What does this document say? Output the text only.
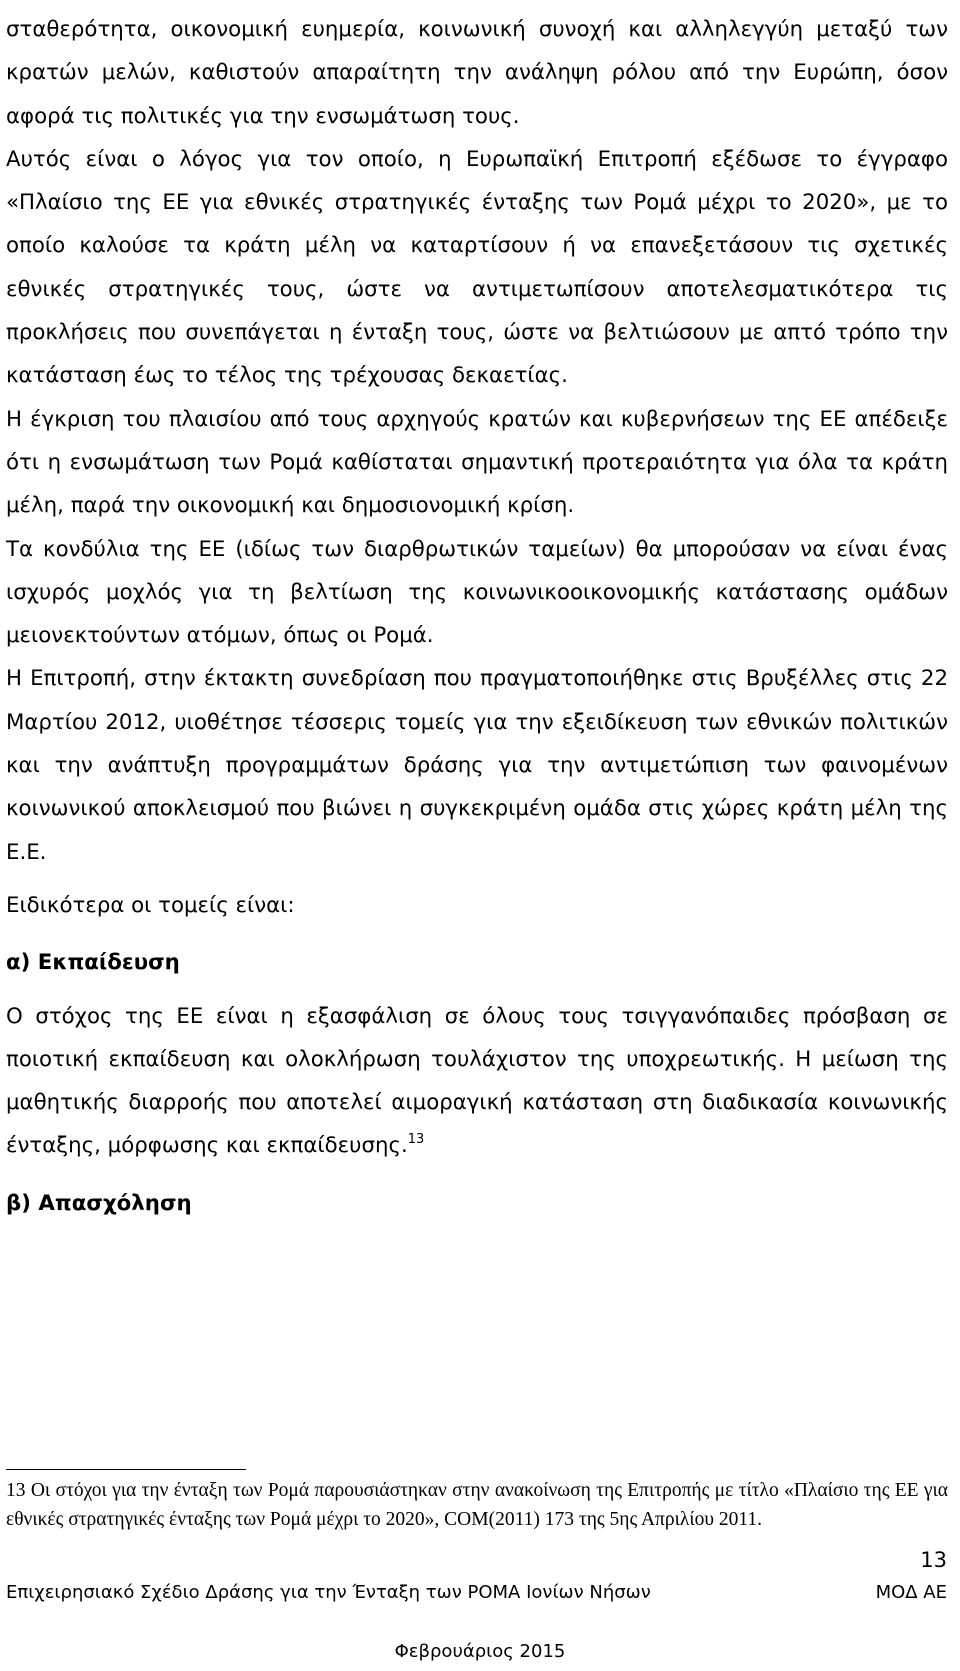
σταθερότητα, οικονομική ευημερία, κοινωνική συνοχή και αλληλεγγύη μεταξύ των κρατών μελών, καθιστούν απαραίτητη την ανάληψη ρόλου από την Ευρώπη, όσον αφορά τις πολιτικές για την ενσωμάτωση τους.

Αυτός είναι ο λόγος για τον οποίο, η Ευρωπαϊκή Επιτροπή εξέδωσε το έγγραφο «Πλαίσιο της ΕΕ για εθνικές στρατηγικές ένταξης των Ρομά μέχρι το 2020», με το οποίο καλούσε τα κράτη μέλη να καταρτίσουν ή να επανεξετάσουν τις σχετικές εθνικές στρατηγικές τους, ώστε να αντιμετωπίσουν αποτελεσματικότερα τις προκλήσεις που συνεπάγεται η ένταξη τους, ώστε να βελτιώσουν με απτό τρόπο την κατάσταση έως το τέλος της τρέχουσας δεκαετίας.

Η έγκριση του πλαισίου από τους αρχηγούς κρατών και κυβερνήσεων της ΕΕ απέδειξε ότι η ενσωμάτωση των Ρομά καθίσταται σημαντική προτεραιότητα για όλα τα κράτη μέλη, παρά την οικονομική και δημοσιονομική κρίση.

Τα κονδύλια της ΕΕ (ιδίως των διαρθρωτικών ταμείων) θα μπορούσαν να είναι ένας ισχυρός μοχλός για τη βελτίωση της κοινωνικοοικονομικής κατάστασης ομάδων μειονεκτούντων ατόμων, όπως οι Ρομά.

Η Επιτροπή, στην έκτακτη συνεδρίαση που πραγματοποιήθηκε στις Βρυξέλλες στις 22 Μαρτίου 2012, υιοθέτησε τέσσερις τομείς για την εξειδίκευση των εθνικών πολιτικών και την ανάπτυξη προγραμμάτων δράσης για την αντιμετώπιση των φαινομένων κοινωνικού αποκλεισμού που βιώνει η συγκεκριμένη ομάδα στις χώρες κράτη μέλη της Ε.Ε.

Ειδικότερα οι τομείς είναι:

α) Εκπαίδευση

Ο στόχος της ΕΕ είναι η εξασφάλιση σε όλους τους τσιγγανόπαιδες πρόσβαση σε ποιοτική εκπαίδευση και ολοκλήρωση τουλάχιστον της υποχρεωτικής. Η μείωση της μαθητικής διαρροής που αποτελεί αιμοραγική κατάσταση στη διαδικασία κοινωνικής ένταξης, μόρφωσης και εκπαίδευσης.$^{13}$

β) Απασχόληση

13 Οι στόχοι για την ένταξη των Ρομά παρουσιάστηκαν στην ανακοίνωση της Επιτροπής με τίτλο «Πλαίσιο της ΕΕ για εθνικές στρατηγικές ένταξης των Ρομά μέχρι το 2020», COM(2011) 173 της 5ης Απριλίου 2011.
13
Επιχειρησιακό Σχέδιο Δράσης για την Ένταξη των ΡΟΜΑ Ιονίων Νήσων	ΜΟΔ ΑΕ
Φεβρουάριος 2015
